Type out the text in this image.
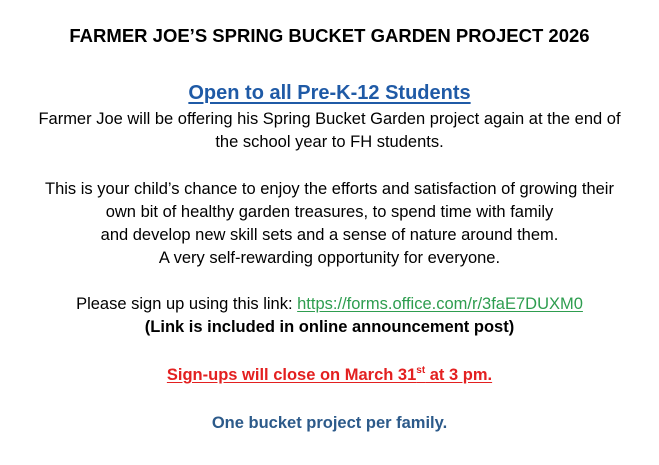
FARMER JOE’S SPRING BUCKET GARDEN PROJECT 2026
Open to all Pre-K-12 Students
Farmer Joe will be offering his Spring Bucket Garden project again at the end of
the school year to FH students.
This is your child’s chance to enjoy the efforts and satisfaction of growing their
own bit of healthy garden treasures, to spend time with family
and develop new skill sets and a sense of nature around them.
A very self-rewarding opportunity for everyone.
Please sign up using this link: https://forms.office.com/r/3faE7DUXM0
(Link is included in online announcement post)
Sign-ups will close on March 31st at 3 pm.
One bucket project per family.
